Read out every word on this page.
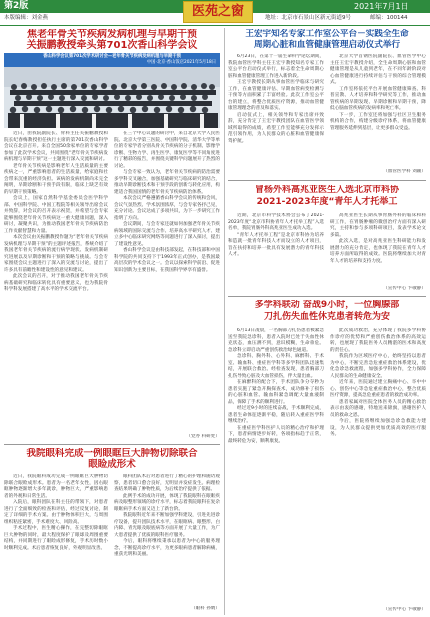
第2版	医苑之窗	2021年7月1日
本版编辑：刘金燕	地址：北京市石景山区新元街道9号	邮编：100144
焦老年骨关节疾病发病机理与早期干预
关振鹏教授牵头第701次香山科学会议
香山科学会议第701次学术研讨会—老年骨关节疾病发病机理与早期干预
中国·北京·香山饭店2021年5月18日

近日，由我院副院长、骨科主任关振鹏教授和院长纪春梅教授担任执行主席的第701次香山科学会议在北京召开。来自全国50余家单位的专家学者参加了此次学术会议，共同围绕“老年骨关节疾病发病机理与早期干预”这一主题进行深入交流和研讨。

老年骨关节疾病是影响老年人生活质量的主要疾病之一，严重影响患者的生活质量，给家庭和社会带来沉重的经济负担。该病的发病机制尚未完全阐明，早期诊断和干预手段有限，临床上缺乏有效的早期干预策略。

会议上，国家自然科学基金委员会医学科学部、中国科学院、中国工程院等相关领导出席会议并致辞，对会议的召开表示祝贺，并希望与会专家能够围绕老年骨关节疾病这一重大健康问题，深入研讨，凝聚共识，为推动我国老年骨关节疾病防治工作贡献智慧和力量。

本次会议由关振鹏教授作题为“老年骨关节疾病发病机理与早期干预”的主题评述报告，系统介绍了我国老年骨关节疾病的流行病学现状、发病机制研究进展以及早期诊断和干预的策略与挑战。与会专家围绕会议主题进行了深入的交流与讨论，提出了许多具有前瞻性和建设性的意见和建议。

此次会议的召开，对于推动我国老年骨关节疾病基础研究和临床转化具有重要意义，也为我院骨科学科发展搭建了高水平的学术交流平台。

在三个中心议题的研讨中，来自北京大学人民医院、北京大学第三医院、中国科学院、清华大学等单位的专家学者分别从骨关节疾病的分子机制、影像学诊断、生物力学、再生医学、康复医学等不同角度进行了精彩的报告，并围绕关键科学问题展开了热烈的讨论。

与会专家一致认为，老年骨关节疾病的防治需要多学科交叉融合，加强基础研究与临床研究的结合，推动早期诊断技术和干预手段的创新与转化应用，构建适合我国国情的老年骨关节疾病防治体系。

本次会议严格遵循香山科学会议的传统和会风，会议气氛热烈、学术氛围浓厚，与会专家各抒己见，充分讨论。会议达成了多项共识，为下一步研究工作指明了方向。

会议期间，与会专家还就如何加强老年骨关节疾病领域的国际交流与合作、培养高水平研究人才、建立多中心临床研究网络等问题进行了深入探讨，提出了建设性意见。

香山科学会议是由科技部发起，在科技部和中国科学院的共同支持下于1993年正式创办，是我国最高层次的学术会议之一。会议以探索科学前沿、促进知识创新为主要目标，在我国科学界享有盛誉。

（党办 科研处）
我院眼科完成一例眼眶巨大肿物切除联合
眼睑成形术

近日，我院眼科成功完成一例眼眶巨大肿物切除联合眼睑成形术。患者为一名老年女性，因右眼眶肿物逐渐增大多年就诊，肿物巨大，严重影响患者的外观和日常生活。

入院后，眼科团队在科主任的带领下，对患者进行了全面细致的检查和评估，经过反复讨论，制定了详细的手术方案。由于肿物体积巨大，与周围组织粘连紧密，手术难度大、风险高。

手术过程中，医生精心操作，在完整切除眼眶巨大肿物的同时，最大程度保护了眼球及周围重要结构，并同期进行了眼睑成形修复，手术历时数小时顺利完成。术后患者恢复良好，外观明显改善。

眼科团队术后对患者进行了精心的护理和随访观察，患者切口愈合良好，无明显并发症发生。病理检查结果明确了肿物性质，为后续治疗提供了依据。

此例手术的成功开展，体现了我院眼科在眼眶疾病及眼整形领域的诊疗水平，标志着我院眼科在复杂眼眶病手术方面又迈上了新台阶。

我院眼科近年来不断加强学科建设，引进先进诊疗设备，提升团队技术水平，在眼眶病、眼整形、白内障、青光眼及眼底病等方面开展了大量工作，为广大患者提供了优质的眼科医疗服务。

今后，眼科将继续秉承以患者为中心的服务理念，不断提高诊疗水平，为更多眼病患者解除病痛，重获光明和美丽。

（眼科 孙婧）
王宏宇知名专家工作室公平台－实践全生命
周期心脏和血管健康管理启动仪式举行

6月23日，在第十一届生命科学论坛期间，我院血管医学科主任王宏宇教授知名专家工作室公平台启动仪式举行，标志着全生命周期心脏和血管健康管理工作进入新阶段。

王宏宇教授长期从事血管医学临床与研究工作，在血管健康评估、早期血管病变检测与干预等方面积累了丰富经验。此次工作室公平台的建立，将整合优质医疗资源，推动血管健康管理理念的普及和落实。

启动仪式上，相关领导和专家出席并致辞，充分肯定了王宏宇教授团队在血管医学领域所取得的成绩，希望工作室能够充分发挥示范引领作用，为人民群众的心脏和血管健康保驾护航。

北京大学首钢医院副院长、血管医学中心主任王宏宇教授介绍，全生命周期心脏和血管健康管理是从儿童到老年，在不同年龄阶段对心血管健康进行持续评估与干预的综合管理模式。

工作室将依托平台开展血管健康筛查、科普宣教、人才培养和科学研究等工作，推动血管疾病的早期发现、早期诊断和早期干预，降低心脑血管疾病的发病率和死亡率。

下一步，工作室还将加强与社区卫生服务机构的合作，构建分级诊疗体系，将血管健康管理服务延伸到基层，让更多群众受益。

（血管医学科 刘颖）
冒杨外科高兆亚医生入选北京市科协
2021-2023年度“青年人才托举工

近期，北京市科学技术协会公布了2021-2023年度“北京市科协青年人才托举工程”入选名单，我院胃肠外科高兆亚医生成功入选。

“青年人才托举工程”是北京市科协为培养和造就一批青年科技人才而设立的人才项目，旨在扶持和培养一批具有发展潜力的青年科技人才。

高兆亚医生长期从事胃肠外科的临床和科研工作，在胃肠肿瘤的微创治疗方面有深入研究，主持和参与多项科研项目，发表学术论文多篇。

此次入选，是对高兆亚医生科研能力和发展潜力的充分肯定，也体现了我院在青年人才培养方面所取得的成效。医院将继续加大对青年人才的培养和支持力度。

（宣传中心 卞敬静）
多学科联动 奋战9小时，一位胸腺部
刀扎伤失血性休克患者转危为安

6月13日凌晨，一名胸部刀扎伤患者被紧急送至我院急诊科，患者入院时已处于失血性休克状态，血压测不到，意识模糊，生命垂危。急诊科立即启动严重创伤救治绿色通道。

急诊科、胸外科、心外科、麻醉科、手术室、输血科、重症医学科等多学科团队迅速集结，开展联合救治。经检查发现，患者胸部刀扎伤导致心脏及大血管损伤，伴大量出血。

在麻醉科的配合下，手术团队争分夺秒为患者实施了紧急开胸探查术，成功修补了损伤的心脏和血管。输血科紧急调配大量血液制品，保障了手术的顺利进行。

经过近9小时的连续奋战，手术顺利完成，患者生命体征逐渐平稳，随后转入重症医学科继续治疗。

在重症医学科医护人员的精心治疗和护理下，患者病情逐步好转，各项指标趋于正常，最终转危为安，顺利康复。

此次成功救治，充分体现了我院多学科协作诊疗的优势和严重创伤救治体系的高效运转，也展现了我院医务人员精湛的医术和高度的责任心。

我院作为区域医疗中心，始终坚持以患者为中心，不断完善急危重症救治体系建设，优化急诊急救流程，加强多学科协作，全力保障人民群众的生命健康安全。

近年来，医院通过建立胸痛中心、卒中中心、创伤中心等急危重症救治中心，整合优质医疗资源，提高急危重症患者的救治成功率。

患者家属对医院全体医务人员的精心救治表示由衷的感谢，特地送来锦旗，感谢医护人员的救命之恩。

今后，医院将继续加强急诊急救能力建设，为人民群众提供更加优质高效的医疗服务。

（宣传中心 卞敬静）
